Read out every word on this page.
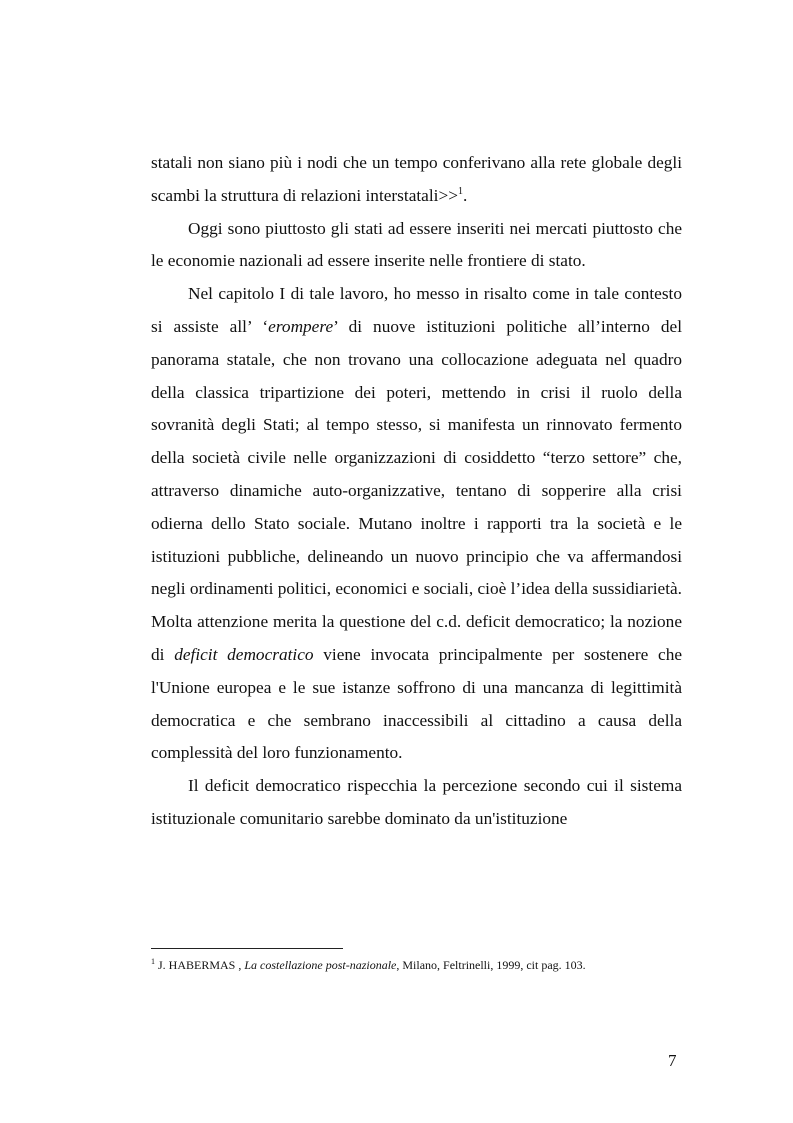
statali non siano più i nodi che un tempo conferivano alla rete globale degli scambi la struttura di relazioni interstatali>>$^1$.

Oggi sono piuttosto gli stati ad essere inseriti nei mercati piuttosto che le economie nazionali ad essere inserite nelle frontiere di stato.

Nel capitolo I di tale lavoro, ho messo in risalto come in tale contesto si assiste all’ ‘erompere’ di nuove istituzioni politiche all’interno del panorama statale, che non trovano una collocazione adeguata nel quadro della classica tripartizione dei poteri, mettendo in crisi il ruolo della sovranità degli Stati; al tempo stesso, si manifesta un rinnovato fermento della società civile nelle organizzazioni di cosiddetto “terzo settore” che, attraverso dinamiche auto-organizzative, tentano di sopperire alla crisi odierna dello Stato sociale. Mutano inoltre i rapporti tra la società e le istituzioni pubbliche, delineando un nuovo principio che va affermandosi negli ordinamenti politici, economici e sociali, cioè l’idea della sussidiarietà. Molta attenzione merita la questione del c.d. deficit democratico; la nozione di deficit democratico viene invocata principalmente per sostenere che l'Unione europea e le sue istanze soffrono di una mancanza di legittimità democratica e che sembrano inaccessibili al cittadino a causa della complessità del loro funzionamento.

Il deficit democratico rispecchia la percezione secondo cui il sistema istituzionale comunitario sarebbe dominato da un'istituzione

$^1$ J. HABERMAS , La costellazione post-nazionale, Milano, Feltrinelli, 1999, cit pag. 103.
7
